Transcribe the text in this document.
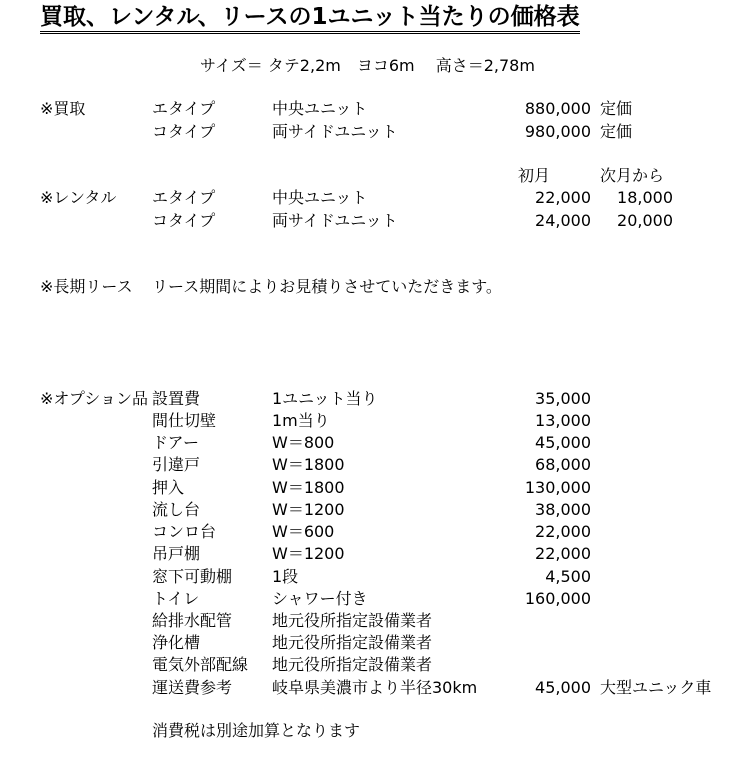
買取、レンタル、リースの1ユニット当たりの価格表
サイズ＝ タテ2,2m　ヨコ6m　 高さ＝2,78m
※買取	エタイプ	中央ユニット	880,000 定価
コタイプ	両サイドユニット	980,000 定価
初月	次月から
※レンタル エタイプ	中央ユニット	22,000	18,000
コタイプ	両サイドユニット	24,000	20,000
※長期リース リース期間によりお見積りさせていただきます。
※オプション品 設置費	1ユニット当り	35,000
間仕切壁	1m当り	13,000
ドアー	W＝800	45,000
引違戸	W＝1800	68,000
押入	W＝1800	130,000
流し台	W＝1200	38,000
コンロ台	W＝600	22,000
吊戸棚	W＝1200	22,000
窓下可動棚 1段	4,500
トイレ	シャワー付き	160,000
給排水配管 地元役所指定設備業者
浄化槽	地元役所指定設備業者
電気外部配線 地元役所指定設備業者
運送費参考 岐阜県美濃市より半径30km	45,000 大型ユニック車
消費税は別途加算となります
